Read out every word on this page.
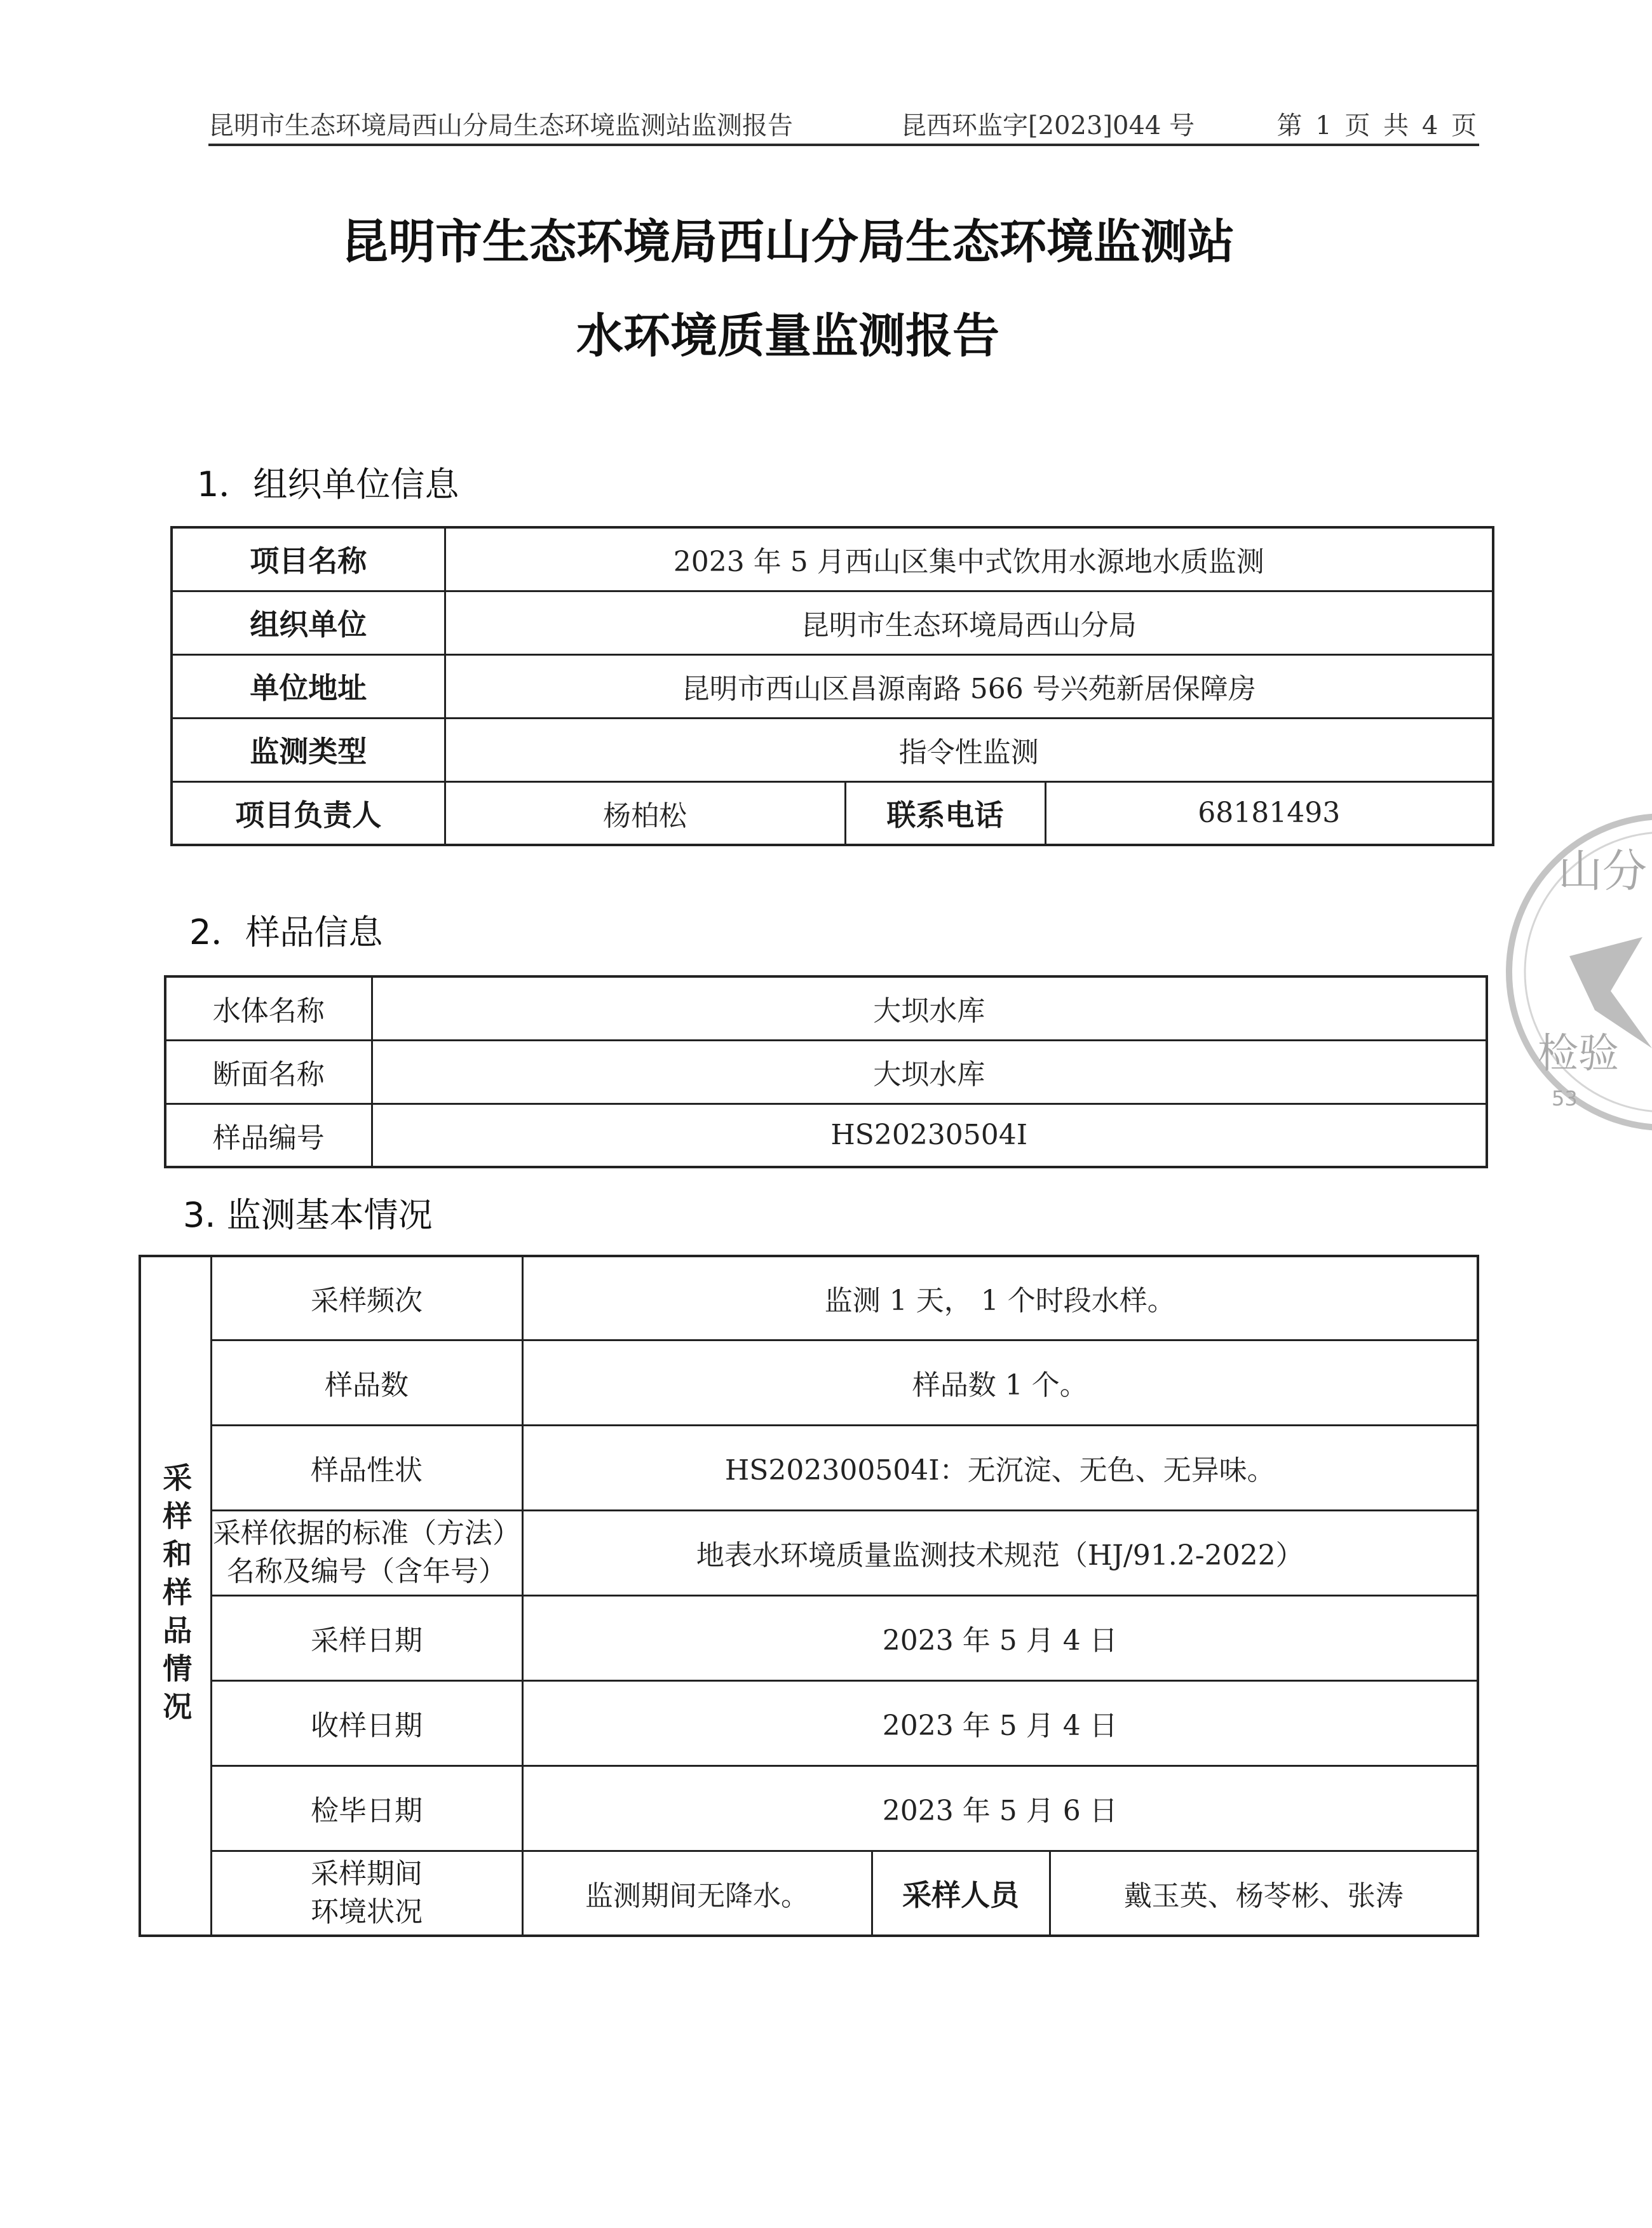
昆明市生态环境局西山分局生态环境监测站监测报告	昆西环监字[2023]044 号	第 1 页 共 4 页
昆明市生态环境局西山分局生态环境监测站
水环境质量监测报告
1．组织单位信息
项目名称	2023 年 5 月西山区集中式饮用水源地水质监测		
组织单位	昆明市生态环境局西山分局		
单位地址	昆明市西山区昌源南路 566 号兴苑新居保障房		
监测类型	指令性监测		
项目负责人	杨柏松	联系电话	68181493
2．样品信息
水体名称	大坝水库
断面名称	大坝水库
样品编号	HS20230504I
3. 监测基本情况
采样和样品情况	采样频次	监测 1 天， 1 个时段水样。		
	样品数	样品数 1 个。		
	样品性状	HS202300504I：无沉淀、无色、无异味。		

	采样依据的标准（方法）
名称及编号（含年号）	地表水环境质量监测技术规范（HJ/91.2-2022）		
	采样日期	2023 年 5 月 4 日		
	收样日期	2023 年 5 月 4 日		
	检毕日期	2023 年 5 月 6 日		

	采样期间
环境状况	监测期间无降水。	采样人员	戴玉英、杨苓彬、张涛
山分
检验
53
